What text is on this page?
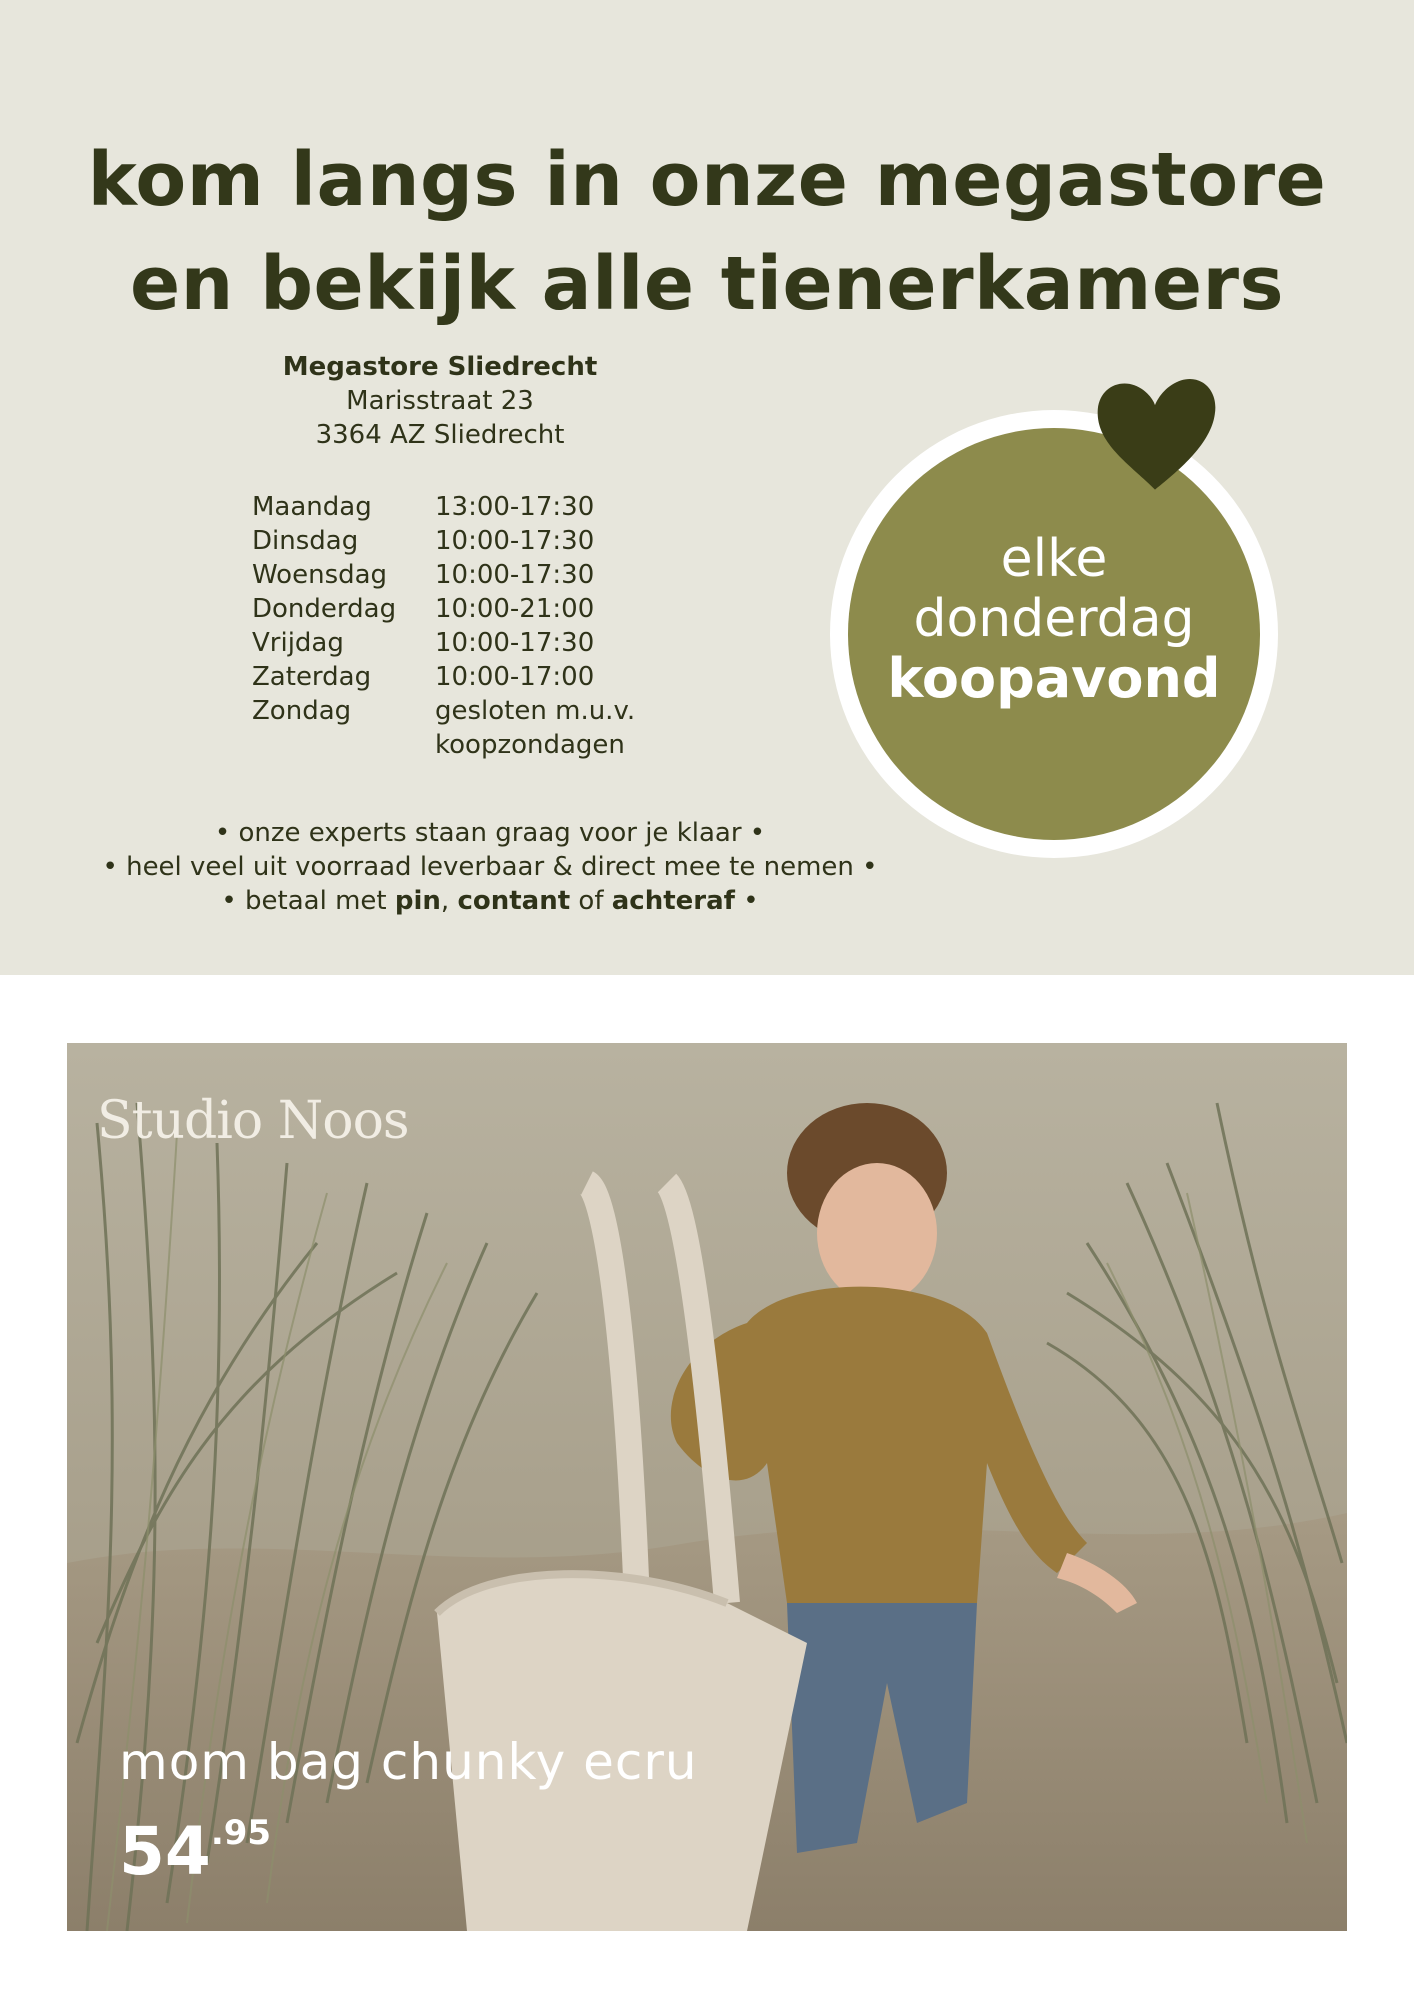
kom langs in onze megastore
en bekijk alle tienerkamers
Megastore Sliedrecht
Marisstraat 23
3364 AZ Sliedrecht
Maandag	13:00-17:30
Dinsdag	10:00-17:30
Woensdag	10:00-17:30
Donderdag	10:00-21:00
Vrijdag	10:00-17:30
Zaterdag	10:00-17:00
Zondag	gesloten m.u.v.
koopzondagen
• onze experts staan graag voor je klaar •
• heel veel uit voorraad leverbaar & direct mee te nemen •
• betaal met pin, contant of achteraf •
elke
donderdag
koopavond
Studio Noos
mom bag chunky ecru
54.95
